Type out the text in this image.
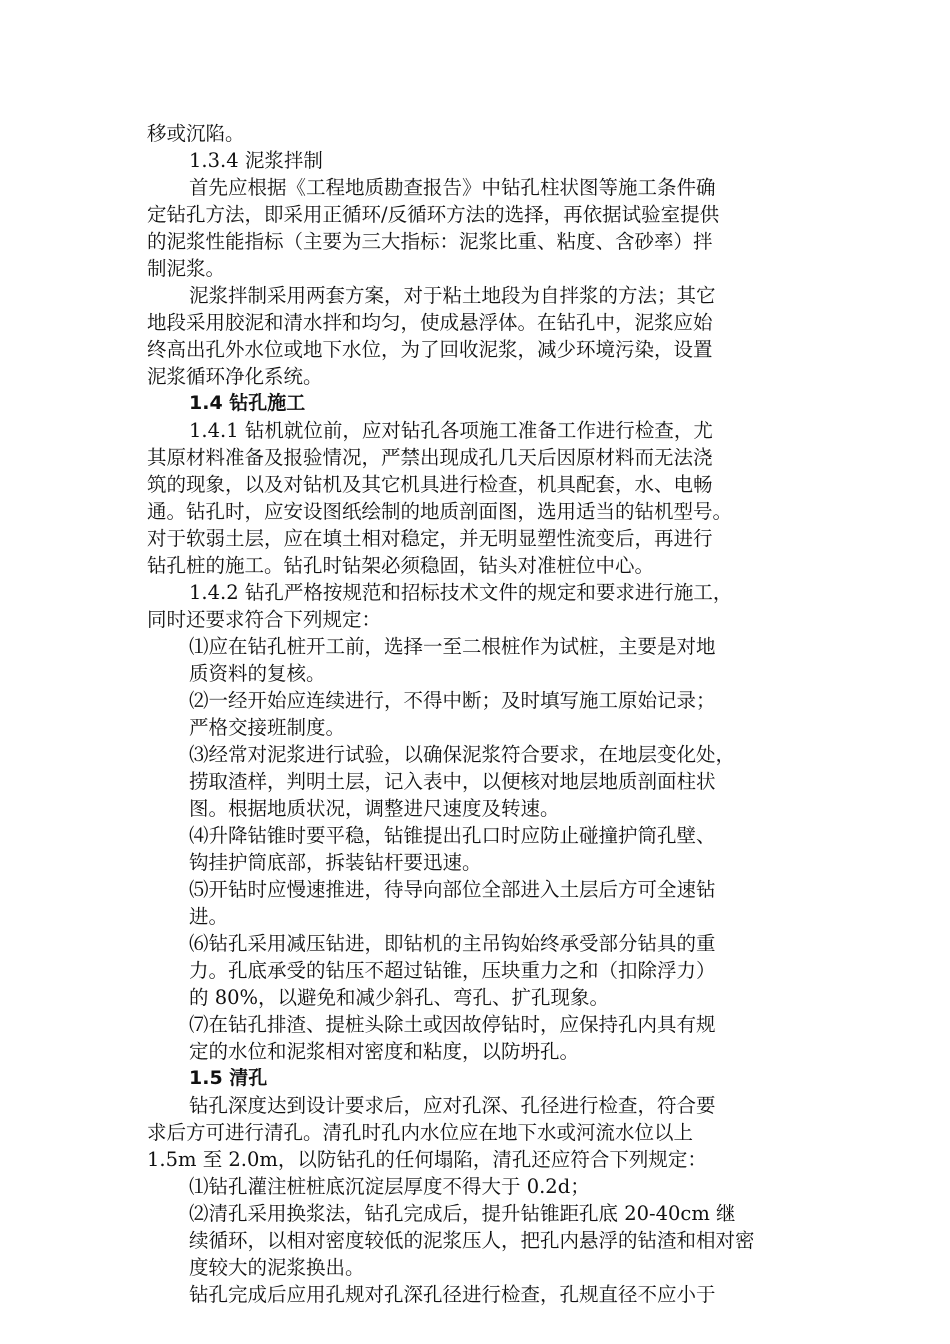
移或沉陷。
1.3.4 泥浆拌制
首先应根据《工程地质勘查报告》中钻孔柱状图等施工条件确
定钻孔方法，即采用正循环/反循环方法的选择，再依据试验室提供
的泥浆性能指标（主要为三大指标：泥浆比重、粘度、含砂率）拌
制泥浆。
泥浆拌制采用两套方案，对于粘土地段为自拌浆的方法；其它
地段采用胶泥和清水拌和均匀，使成悬浮体。在钻孔中，泥浆应始
终高出孔外水位或地下水位，为了回收泥浆，减少环境污染，设置
泥浆循环净化系统。
1.4 钻孔施工
1.4.1 钻机就位前，应对钻孔各项施工准备工作进行检查，尤
其原材料准备及报验情况，严禁出现成孔几天后因原材料而无法浇
筑的现象，以及对钻机及其它机具进行检查，机具配套，水、电畅
通。钻孔时，应安设图纸绘制的地质剖面图，选用适当的钻机型号。
对于软弱土层，应在填土相对稳定，并无明显塑性流变后，再进行
钻孔桩的施工。钻孔时钻架必须稳固，钻头对准桩位中心。
1.4.2 钻孔严格按规范和招标技术文件的规定和要求进行施工，
同时还要求符合下列规定：
⑴应在钻孔桩开工前，选择一至二根桩作为试桩，主要是对地
质资料的复核。
⑵一经开始应连续进行，不得中断；及时填写施工原始记录；
严格交接班制度。
⑶经常对泥浆进行试验，以确保泥浆符合要求，在地层变化处，
捞取渣样，判明土层，记入表中，以便核对地层地质剖面柱状
图。根据地质状况，调整进尺速度及转速。
⑷升降钻锥时要平稳，钻锥提出孔口时应防止碰撞护筒孔壁、
钩挂护筒底部，拆装钻杆要迅速。
⑸开钻时应慢速推进，待导向部位全部进入土层后方可全速钻
进。
⑹钻孔采用减压钻进，即钻机的主吊钩始终承受部分钻具的重
力。孔底承受的钻压不超过钻锥，压块重力之和（扣除浮力）
的 80%，以避免和减少斜孔、弯孔、扩孔现象。
⑺在钻孔排渣、提桩头除土或因故停钻时，应保持孔内具有规
定的水位和泥浆相对密度和粘度，以防坍孔。
1.5 清孔
钻孔深度达到设计要求后，应对孔深、孔径进行检查，符合要
求后方可进行清孔。清孔时孔内水位应在地下水或河流水位以上
1.5m 至 2.0m，以防钻孔的任何塌陷，清孔还应符合下列规定：
⑴钻孔灌注桩桩底沉淀层厚度不得大于 0.2d；
⑵清孔采用换浆法，钻孔完成后，提升钻锥距孔底 20-40cm 继
续循环，以相对密度较低的泥浆压人，把孔内悬浮的钻渣和相对密
度较大的泥浆换出。
钻孔完成后应用孔规对孔深孔径进行检查，孔规直径不应小于
